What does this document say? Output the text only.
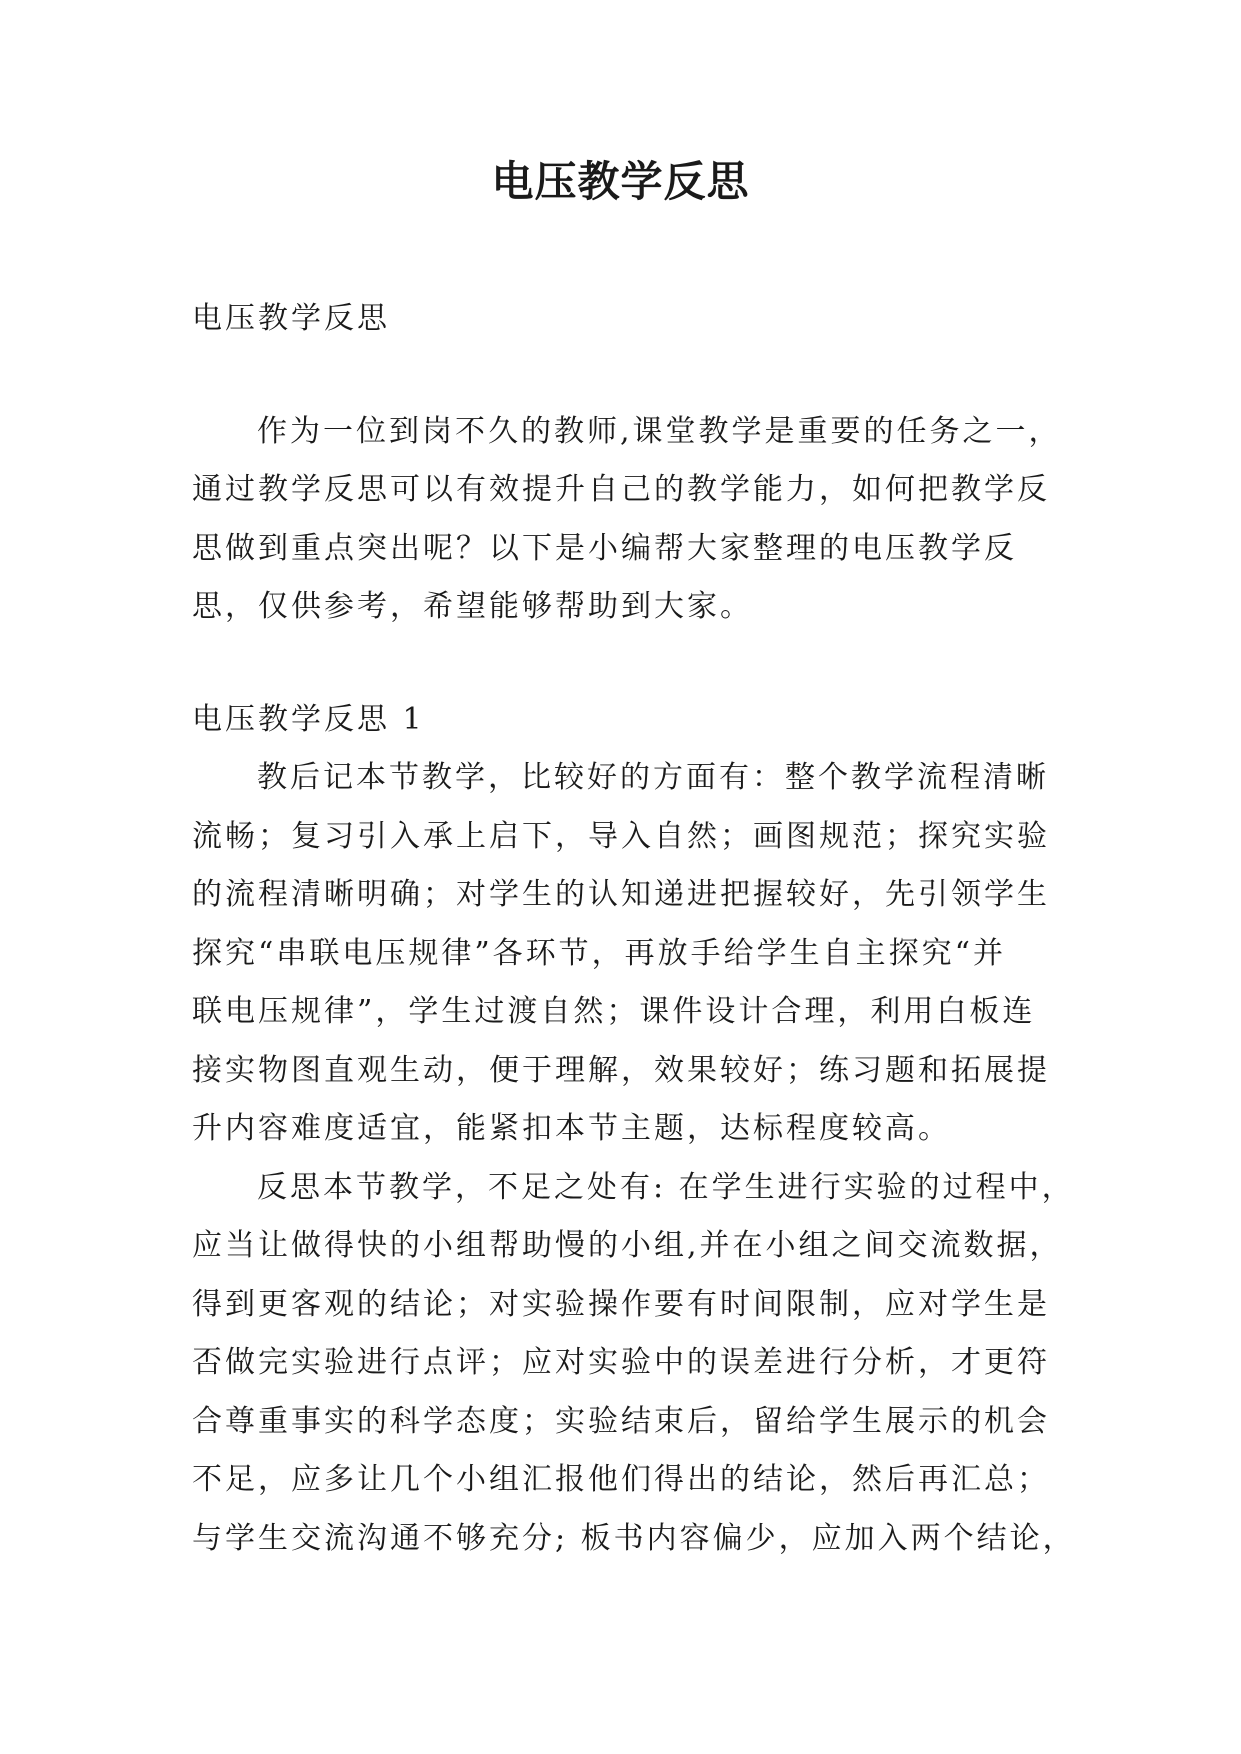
电压教学反思
电压教学反思
作为一位到岗不久的教师,课堂教学是重要的任务之一，
通过教学反思可以有效提升自己的教学能力，如何把教学反
思做到重点突出呢？以下是小编帮大家整理的电压教学反
思，仅供参考，希望能够帮助到大家。
电压教学反思 1
教后记本节教学，比较好的方面有：整个教学流程清晰
流畅；复习引入承上启下，导入自然；画图规范；探究实验
的流程清晰明确；对学生的认知递进把握较好，先引领学生
探究“串联电压规律”各环节，再放手给学生自主探究“并
联电压规律”，学生过渡自然；课件设计合理，利用白板连
接实物图直观生动，便于理解，效果较好；练习题和拓展提
升内容难度适宜，能紧扣本节主题，达标程度较高。
反思本节教学，不足之处有: 在学生进行实验的过程中，
应当让做得快的小组帮助慢的小组,并在小组之间交流数据，
得到更客观的结论；对实验操作要有时间限制，应对学生是
否做完实验进行点评；应对实验中的误差进行分析，才更符
合尊重事实的科学态度；实验结束后，留给学生展示的机会
不足，应多让几个小组汇报他们得出的结论，然后再汇总；
与学生交流沟通不够充分; 板书内容偏少，应加入两个结论，
